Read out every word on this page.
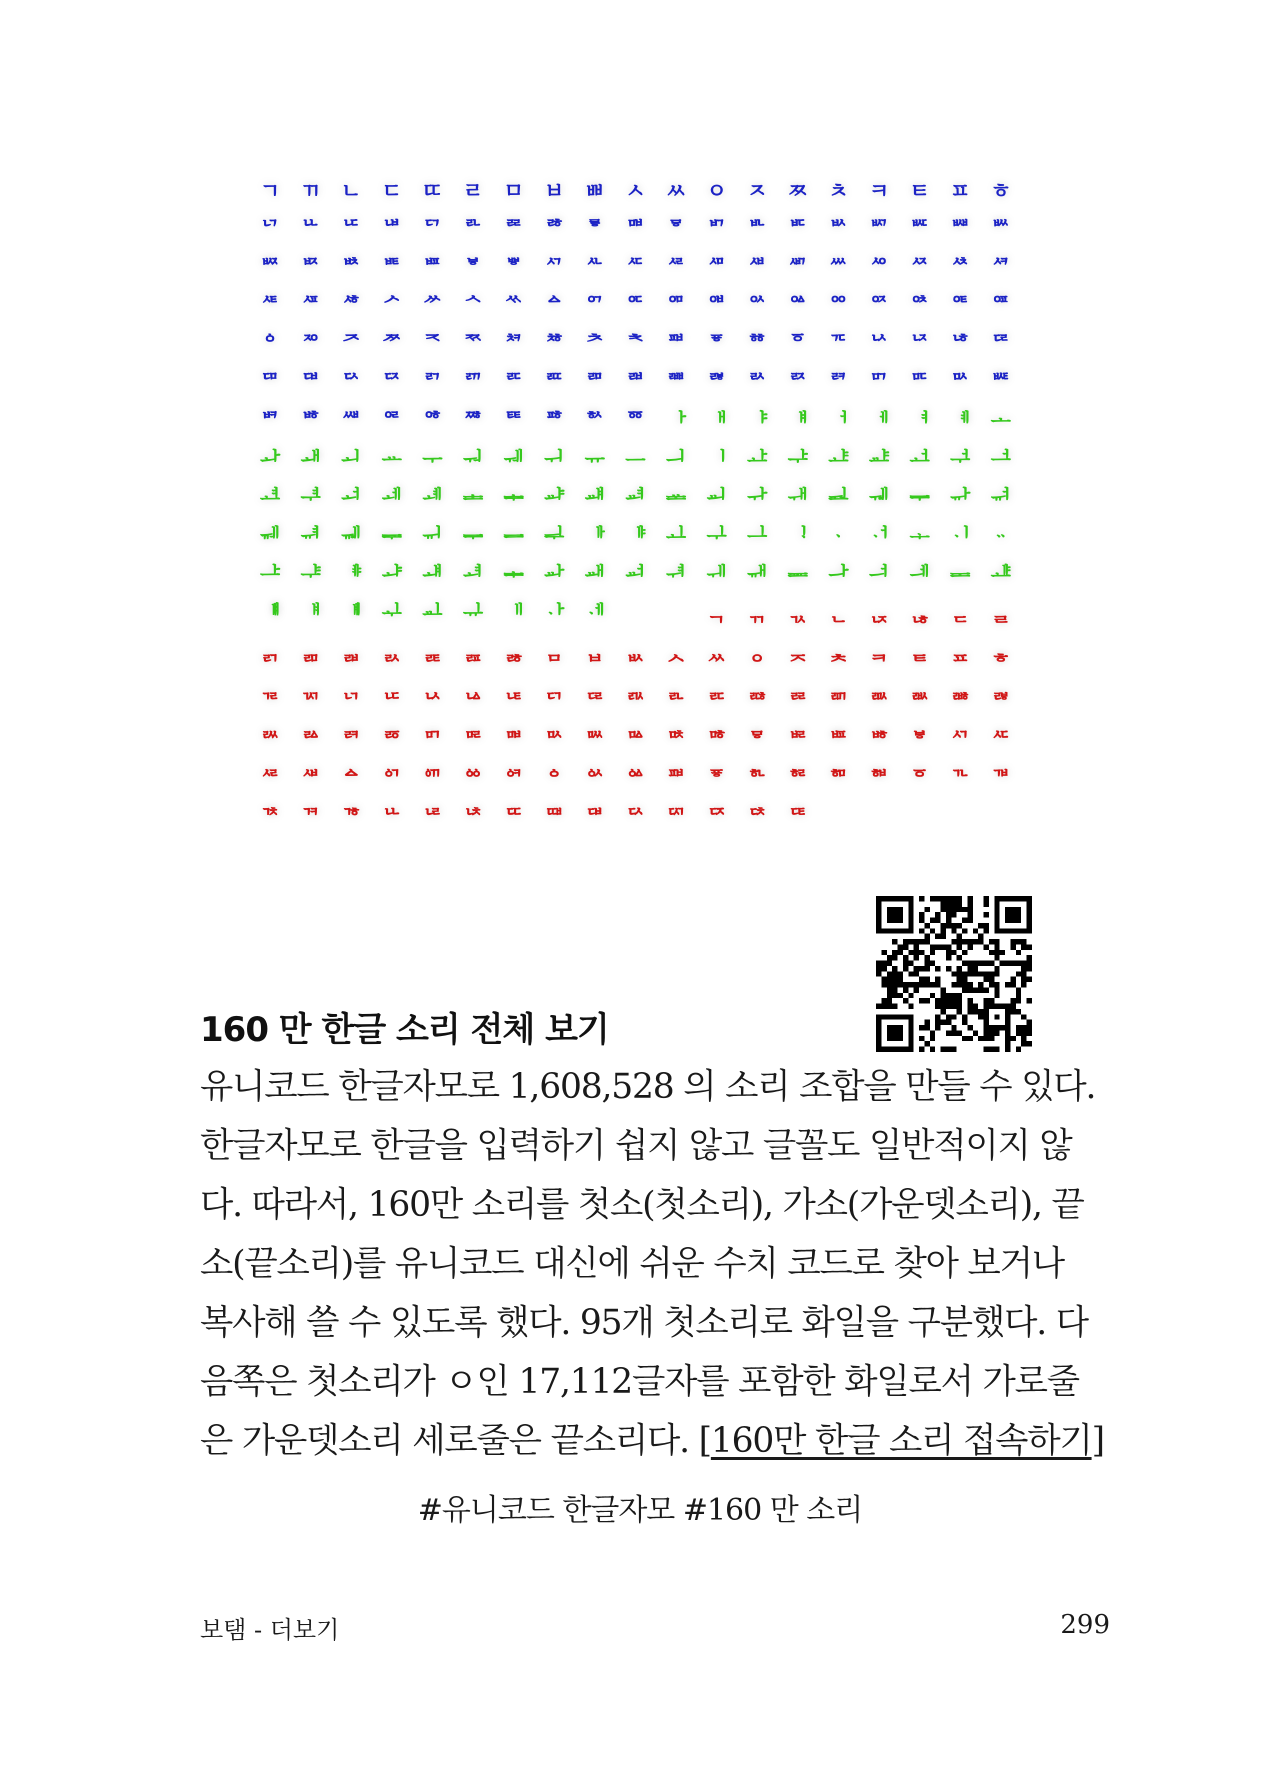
ㄱ ㄲ ㄴ ㄷ ㄸ ㄹ ㅁ ㅂ ㅃ ㅅ ㅆ ㅇ ㅈ ㅉ ㅊ ㅋ ㅌ ㅍ ㅎ
ᄓ ᄔ ᄕ ᄖ ᄗ ᄘ ᄙ ᄚ ᄛ ᄜ ᄝ ᄞ ᄟ ᄠ ᄡ ᄢ ᄣ ᄤ ᄥ
ᄦ ᄧ ᄨ ᄩ ᄪ ᄫ ᄬ ᄭ ᄮ ᄯ ᄰ ᄱ ᄲ ᄳ ᄴ ᄵ ᄶ ᄷ ᄸ
ᄹ ᄺ ᄻ ᄼ ᄽ ᄾ ᄿ ᅀ ᅁ ᅂ ᅃ ᅄ ᅅ ᅆ ᅇ ᅈ ᅉ ᅊ ᅋ
ᅌ ᅍ ᅎ ᅏ ᅐ ᅑ ᅒ ᅓ ᅔ ᅕ ᅖ ᅗ ᅘ ᅙ ᅚ ᅛ ᅜ ᅝ ᅞ
ꥠ ꥡ ꥢ ꥣ ꥤ ꥥ ꥦ ꥧ ꥨ ꥩ ꥪ ꥫ ꥬ ꥭ ꥮ ꥯ ꥰ ꥱ ꥲ
ꥳ ꥴ ꥵ ꥶ ꥷ ꥸ ꥹ ꥺ ꥻ ꥼ ᅡ ᅢ ᅣ ᅤ ᅥ ᅦ ᅧ ᅨ ᅩ
ᅪ ᅫ ᅬ ᅭ ᅮ ᅯ ᅰ ᅱ ᅲ ᅳ ᅴ ᅵ ᅶ ᅷ ᅸ ᅹ ᅺ ᅻ ᅼ
ᅽ ᅾ ᅿ ᆀ ᆁ ᆂ ᆃ ᆄ ᆅ ᆆ ᆇ ᆈ ᆉ ᆊ ᆋ ᆌ ᆍ ᆎ ᆏ
ᆐ ᆑ ᆒ ᆓ ᆔ ᆕ ᆖ ᆗ ᆘ ᆙ ᆚ ᆛ ᆜ ᆝ ᆞ ᆟ ᆠ ᆡ ᆢ
ᆣ ᆤ ᆥ ᆦ ᆧ ힰ ힱ ힲ ힳ ힴ ힵ ힶ ힷ ힸ ힹ ힺ ힻ ힼ ힽ
ힾ ힿ ퟀ ퟁ ퟂ ퟃ ퟄ ퟅ ퟆ	ᆨ ᆩ ᆪ ᆫ ᆬ ᆭ ᆮ ᆯ
ᆰ ᆱ ᆲ ᆳ ᆴ ᆵ ᆶ ᆷ ᆸ ᆹ ᆺ ᆻ ᆼ ᆽ ᆾ ᆿ ᇀ ᇁ ᇂ
ᇃ ᇄ ᇅ ᇆ ᇇ ᇈ ᇉ ᇊ ᇋ ᇌ ᇍ ᇎ ᇏ ᇐ ᇑ ᇒ ᇓ ᇔ ᇕ
ᇖ ᇗ ᇘ ᇙ ᇚ ᇛ ᇜ ᇝ ᇞ ᇟ ᇠ ᇡ ᇢ ᇣ ᇤ ᇥ ᇦ ᇧ ᇨ
ᇩ ᇪ ᇫ ᇬ ᇭ ᇮ ᇯ ᇰ ᇱ ᇲ ᇳ ᇴ ᇵ ᇶ ᇷ ᇸ ᇹ ᇺ ᇻ
ᇼ ᇽ ᇾ ᇿ ퟋ ퟌ ퟍ ퟎ ퟏ ퟐ ퟑ ퟒ ퟓ ퟔ
160 만 한글 소리 전체 보기
유니코드 한글자모로 1,608,528 의 소리 조합을 만들 수 있다.
한글자모로 한글을 입력하기 쉽지 않고 글꼴도 일반적이지 않
다. 따라서, 160만 소리를 첫소(첫소리), 가소(가운뎃소리), 끝
소(끝소리)를 유니코드 대신에 쉬운 수치 코드로 찾아 보거나
복사해 쓸 수 있도록 했다. 95개 첫소리로 화일을 구분했다. 다
음쪽은 첫소리가 ㅇ인 17,112글자를 포함한 화일로서 가로줄
은 가운뎃소리 세로줄은 끝소리다. [160만 한글 소리 접속하기]
#유니코드 한글자모 #160 만 소리
보탬 - 더보기	299
